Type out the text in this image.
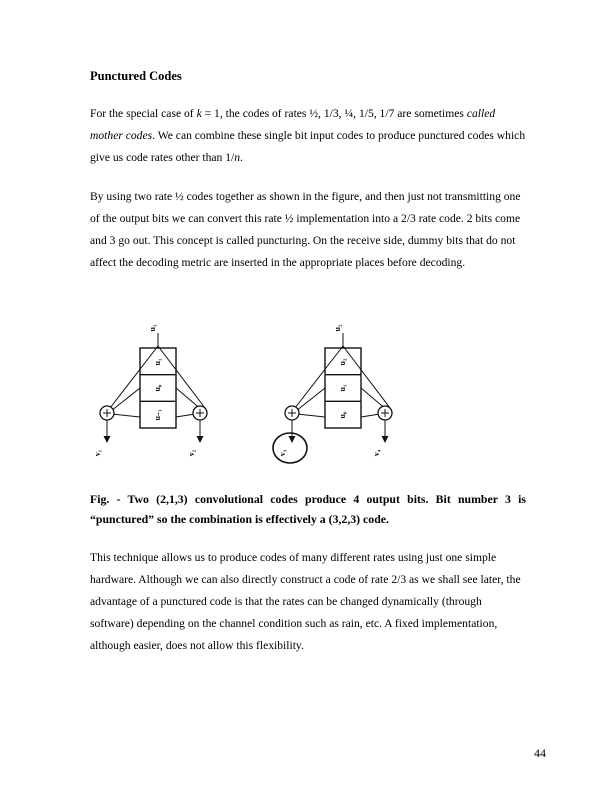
Punctured Codes

For the special case of k = 1, the codes of rates ½, 1/3, ¼, 1/5, 1/7 are sometimes called mother codes. We can combine these single bit input codes to produce punctured codes which give us code rates other than 1/n.

By using two rate ½ codes together as shown in the figure, and then just not transmitting one of the output bits we can convert this rate ½ implementation into a 2/3 rate code. 2 bits come and 3 go out. This concept is called puncturing. On the receive side, dummy bits that do not affect the decoding metric are inserted in the appropriate places before decoding.

u₁
u₁
u₀
u₋₁
v₁	v₂
u₂
u₂
u₁
u₀
v₃	v₄

Fig. - Two (2,1,3) convolutional codes produce 4 output bits. Bit number 3 is “punctured” so the combination is effectively a (3,2,3) code.

This technique allows us to produce codes of many different rates using just one simple hardware. Although we can also directly construct a code of rate 2/3 as we shall see later, the advantage of a punctured code is that the rates can be changed dynamically (through software) depending on the channel condition such as rain, etc. A fixed implementation, although easier, does not allow this flexibility.

44
